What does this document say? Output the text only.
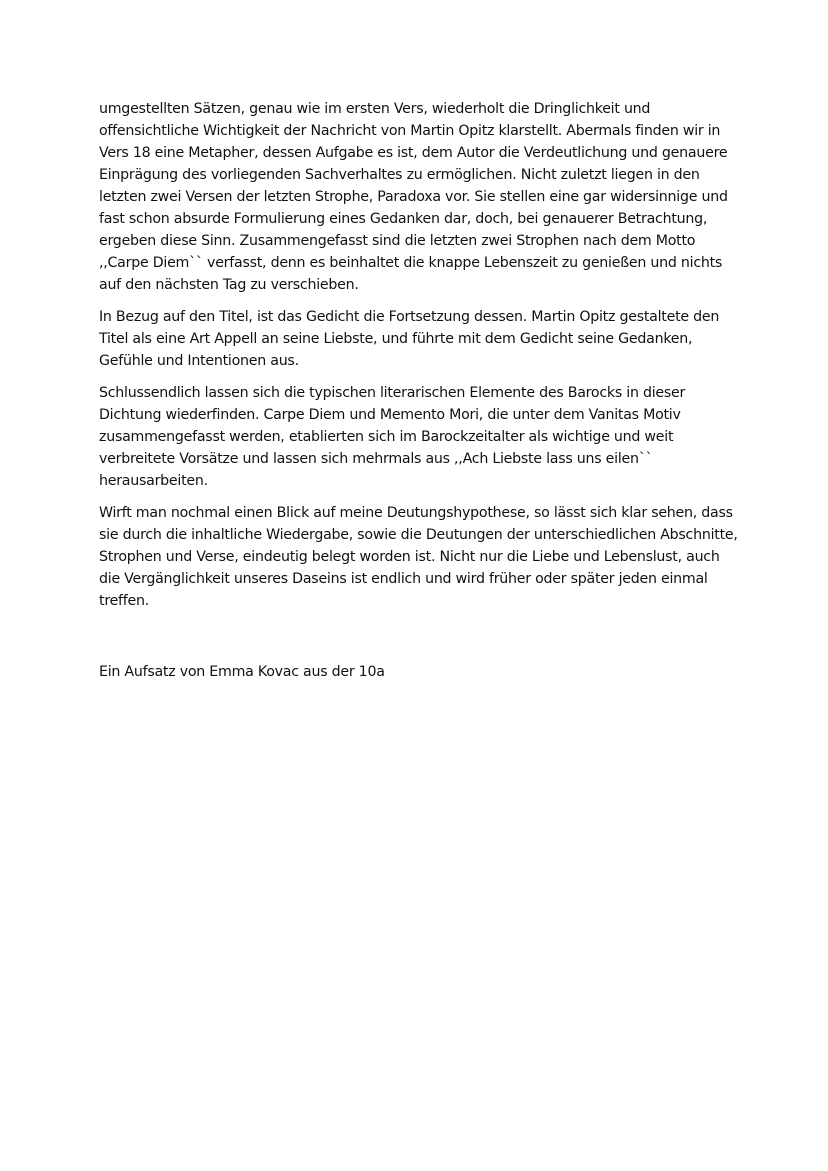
umgestellten Sätzen, genau wie im ersten Vers, wiederholt die Dringlichkeit und offensichtliche Wichtigkeit der Nachricht von Martin Opitz klarstellt. Abermals finden wir in Vers 18 eine Metapher, dessen Aufgabe es ist, dem Autor die Verdeutlichung und genauere Einprägung des vorliegenden Sachverhaltes zu ermöglichen. Nicht zuletzt liegen in den letzten zwei Versen der letzten Strophe, Paradoxa vor. Sie stellen eine gar widersinnige und fast schon absurde Formulierung eines Gedanken dar, doch, bei genauerer Betrachtung, ergeben diese Sinn. Zusammengefasst sind die letzten zwei Strophen nach dem Motto ,,Carpe Diem`` verfasst, denn es beinhaltet die knappe Lebenszeit zu genießen und nichts auf den nächsten Tag zu verschieben.

In Bezug auf den Titel, ist das Gedicht die Fortsetzung dessen. Martin Opitz gestaltete den Titel als eine Art Appell an seine Liebste, und führte mit dem Gedicht seine Gedanken, Gefühle und Intentionen aus.

Schlussendlich lassen sich die typischen literarischen Elemente des Barocks in dieser Dichtung wiederfinden. Carpe Diem und Memento Mori, die unter dem Vanitas Motiv zusammengefasst werden, etablierten sich im Barockzeitalter als wichtige und weit verbreitete Vorsätze und lassen sich mehrmals aus ,,Ach Liebste lass uns eilen`` herausarbeiten.

Wirft man nochmal einen Blick auf meine Deutungshypothese, so lässt sich klar sehen, dass sie durch die inhaltliche Wiedergabe, sowie die Deutungen der unterschiedlichen Abschnitte, Strophen und Verse, eindeutig belegt worden ist. Nicht nur die Liebe und Lebenslust, auch die Vergänglichkeit unseres Daseins ist endlich und wird früher oder später jeden einmal treffen.

Ein Aufsatz von Emma Kovac aus der 10a
